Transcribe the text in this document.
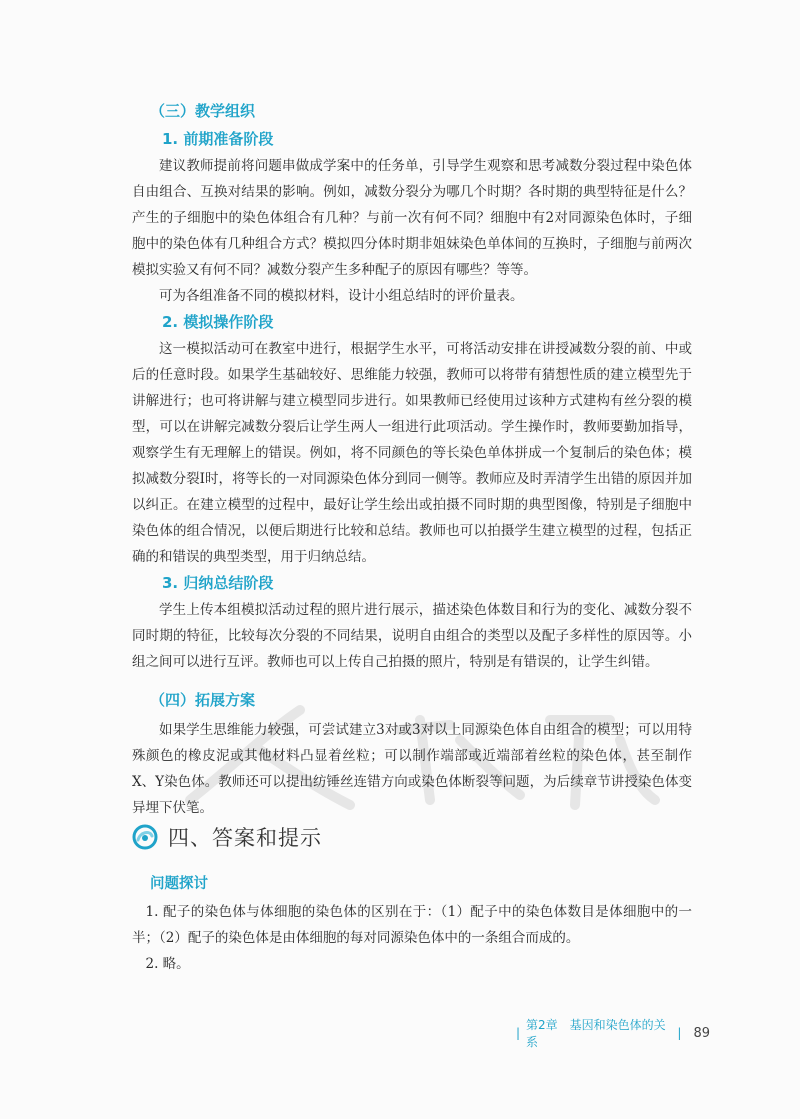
（三）教学组织
1. 前期准备阶段

建议教师提前将问题串做成学案中的任务单，引导学生观察和思考减数分裂过程中染色体自由组合、互换对结果的影响。例如，减数分裂分为哪几个时期？各时期的典型特征是什么？产生的子细胞中的染色体组合有几种？与前一次有何不同？细胞中有2对同源染色体时，子细胞中的染色体有几种组合方式？模拟四分体时期非姐妹染色单体间的互换时，子细胞与前两次模拟实验又有何不同？减数分裂产生多种配子的原因有哪些？等等。

可为各组准备不同的模拟材料，设计小组总结时的评价量表。

2. 模拟操作阶段

这一模拟活动可在教室中进行，根据学生水平，可将活动安排在讲授减数分裂的前、中或后的任意时段。如果学生基础较好、思维能力较强，教师可以将带有猜想性质的建立模型先于讲解进行；也可将讲解与建立模型同步进行。如果教师已经使用过该种方式建构有丝分裂的模型，可以在讲解完减数分裂后让学生两人一组进行此项活动。学生操作时，教师要勤加指导，观察学生有无理解上的错误。例如，将不同颜色的等长染色单体拼成一个复制后的染色体；模拟减数分裂Ⅰ时，将等长的一对同源染色体分到同一侧等。教师应及时弄清学生出错的原因并加以纠正。在建立模型的过程中，最好让学生绘出或拍摄不同时期的典型图像，特别是子细胞中染色体的组合情况，以便后期进行比较和总结。教师也可以拍摄学生建立模型的过程，包括正确的和错误的典型类型，用于归纳总结。

3. 归纳总结阶段

学生上传本组模拟活动过程的照片进行展示，描述染色体数目和行为的变化、减数分裂不同时期的特征，比较每次分裂的不同结果，说明自由组合的类型以及配子多样性的原因等。小组之间可以进行互评。教师也可以上传自己拍摄的照片，特别是有错误的，让学生纠错。

（四）拓展方案

如果学生思维能力较强，可尝试建立3对或3对以上同源染色体自由组合的模型；可以用特殊颜色的橡皮泥或其他材料凸显着丝粒；可以制作端部或近端部着丝粒的染色体，甚至制作X、Y染色体。教师还可以提出纺锤丝连错方向或染色体断裂等问题，为后续章节讲授染色体变异埋下伏笔。

四、答案和提示
问题探讨

1. 配子的染色体与体细胞的染色体的区别在于：（1）配子中的染色体数目是体细胞中的一半；（2）配子的染色体是由体细胞的每对同源染色体中的一条组合而成的。

2. 略。

|
第2章　基因和染色体的关系
| 89
